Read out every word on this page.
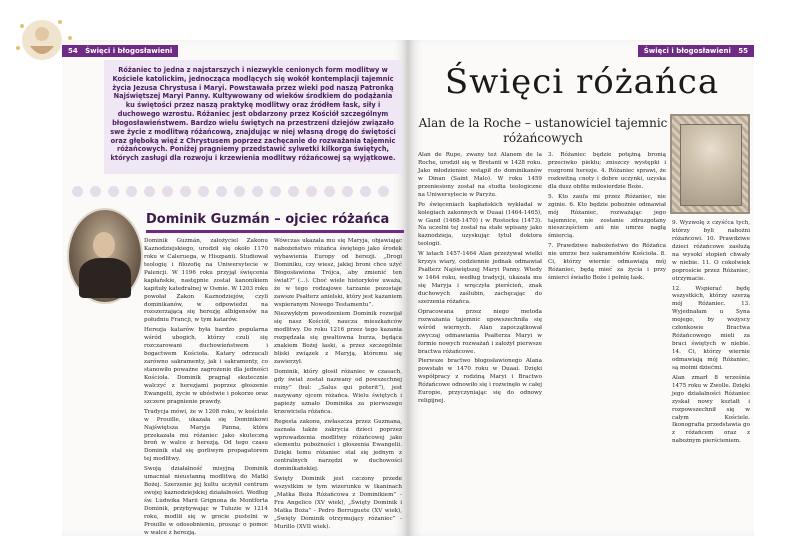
54 Święci i błogosławieni
Różaniec to jedna z najstarszych i niezwykle cenionych form modlitwy w Kościele katolickim, jednocząca modlących się wokół kontemplacji tajemnic życia Jezusa Chrystusa i Maryi. Powstawała przez wieki pod naszą Patronką Najświętszej Maryi Panny. Kultywowany od wieków środkiem do podążania ku świętości przez naszą praktykę modlitwy oraz źródłem łask, siły i duchowego wzrostu. Różaniec jest obdarzony przez Kościół szczególnym błogosławieństwem. Bardzo wielu świętych na przestrzeni dziejów związało swe życie z modlitwą różańcową, znajdując w niej własną drogę do świętości oraz głęboką więź z Chrystusem poprzez zachęcanie do rozważania tajemnic różańcowych. Poniżej pragniemy przedstawić sylwetki kilkorga świętych, których zasługi dla rozwoju i krzewienia modlitwy różańcowej są wyjątkowe.
Dominik Guzmán – ojciec różańca

Dominik Guzmán, założyciel Zakonu Kaznodziejskiego, urodził się około 1170 roku w Caleruega, w Hiszpanii. Studiował teologię i filozofię na Uniwersytecie w Palencji. W 1196 roku przyjął święcenia kapłańskie, następnie został kanonikiem kapituły katedralnej w Osmie. W 1203 roku powołał Zakon Kaznodziejów, czyli dominikanów, w odpowiedzi na rozszerzającą się herezję albigensów na południu Francji, w tym katarów.

Herezja katarów była bardzo popularna wśród ubogich, którzy czuli się rozczarowani duchowieństwem i bogactwem Kościoła. Katary odrzucali zarówno sakramenty, jak i sakramenty, co stanowiło poważne zagrożenie dla jedności Kościoła. Dominik pragnął skutecznie walczyć z herezjami poprzez głoszenie Ewangelii, życie w ubóstwie i pokorze oraz szczere pragnienie prawdy.

Tradycja mówi, że w 1208 roku, w kościele w Prouille, ukazała się Dominikowi Najświętsza Maryja Panna, która przekazała mu różaniec jako skuteczną broń w walce z herezją. Od tego czasu Dominik stał się gorliwym propagatorem tej modlitwy.

Swoją działalność misyjną Dominik umacniał nieustanną modlitwą do Matki Bożej. Szerzenie jej kultu uczynił centrum swojej kaznodziejskiej działalności. Według św. Ludwika Marii Grignona de Montforta Dominik, przybywając w Tuluzie w 1214 roku, modlił się w grocie pustelni w Prouille w odosobnieniu, prosząc o pomoc w walce z herezją.

Wówczas ukazała mu się Maryja, objawiając nabożeństwo różańca świętego jako środek wybawienia Europy od herezji. „Drogi Dominiku, czy wiesz, jakiej broni chce użyć Błogosławiona Trójca, aby zmienić ten świat?” (...). Choć wiele historyków uważa, że w tego rodzajowe tarzanie pozostaje zawsze Psałterz anielski, który jest kazaniem wspieranym Nowego Testamentu”.

Niezwykłym powodzeniem Dominik rozwijał się nasz Kościół, naucza mieszkańców modlitwy. Do roku 1216 przez tego kazania rozpędzała się gwałtowna burza, będąca znakiem Bożej łaski, a przez szczególnie bliski związek z Maryją, któremu się zawierzył.

Dominik, który głosił różaniec w czasach, gdy świat został nazwany od powszechnej ruiny” (bul: „Salus qui poterit”), jest nazywany ojcem różańca. Wielu świętych i papieży uznało Dominika za pierwszego krzewiciela różańca.

Regesta zakonu, zwłaszcza przez Guzmana, zaznała także zakrycia dzieci poprzez wprowadzenia modlitwy różańcowej jako elementu pobożności i głoszenia Ewangelii. Dzięki temu różaniec stał się jednym z centralnych narzędzi w duchowości dominikańskiej.

Święty Dominik jest czczony przede wszystkim w tym wizerunku w tkaninach „Matka Boża Różańcowa z Dominikiem” - Fra Angelico (XV wiek), „Święty Dominik i Matka Boża” - Pedro Berruguete (XV wiek), „Święty Dominik otrzymujący różaniec” - Murillo (XVII wiek).

Święci i błogosławieni 55
Święci różańca
Alan de la Roche – ustanowiciel tajemnic różańcowych

Alan de Rupe, zwany też Alanem de la Roche, urodził się w Bretanii w 1428 roku. Jako młodzieniec wstąpił do dominikanów w Dinan (Saint Malo). W roku 1459 przeniesiony został na studia teologiczne na Uniwersytecie w Paryżu.

Po święceniach kapłańskich wykładał w kolegiach zakonnych w Duaai (1464-1465), w Gand (1468-1470) i w Rostocku (1473). Na uczelni tej został na stałe wpisany jako kaznodzieja, uzyskując tytuł doktora teologii.

W latach 1457-1464 Alan przeżywał wielki kryzys wiary, codziennie jednak odmawiał Psałterz Najświętszej Maryi Panny. Wtedy w 1464 roku, według tradycji, ukazała mu się Maryja i wręczyła pierścień, znak duchowych zaślubin, zachęcając do szerzenia różańca.

Opracowana przez niego metoda rozważania tajemnic upowszechniła się wśród wiernych. Alan zapoczątkował zwyczaj odmawiania Psałterza Maryi w formie nowych rozważań i założył pierwsze bractwa różańcowe.

Pierwsze bractwo błogosławionego Alana powstało w 1470 roku w Duaai. Dzięki współpracy z rodziną Maryi i Bractwo Różańcowe odnowiło się i rozwinęło w całej Europie, przyczyniając się do odnowy religijnej.

3. Różaniec będzie potężną bronią przeciwko piekłu; zniszczy występki i rozgromi herezje. 4. Różaniec sprawi, że rozkwitną cnoty i dobre uczynki, uzyska dla dusz obfite miłosierdzie Boże.

5. Kto zaufa mi przez Różaniec, nie zginie. 6. Kto będzie pobożnie odmawiał mój Różaniec, rozważając jego tajemnice, nie zostanie zdruzgotany nieszczęściem ani nie umrze nagłą śmiercią.

7. Prawdziwe nabożeństwo do Różańca nie umrze bez sakramentów Kościoła. 8. Ci, którzy wiernie odmawiają mój Różaniec, będą mieć za życia i przy śmierci światło Boże i pełnię łask.

9. Wyzwolę z czyśćca tych, którzy byli nabożni różańcowi. 10. Prawdziwe dzieci różańcowe zasłużą na wysoki stopień chwały w niebie. 11. O cokolwiek poprosicie przez Różaniec, otrzymacie.

12. Wspierać będę wszystkich, którzy szerzą mój Różaniec. 13. Wyjednałam u Syna mojego, by wszyscy członkowie Bractwa Różańcowego mieli za braci świętych w niebie. 14. Ci, którzy wiernie odmawiają mój Różaniec, są moimi dziećmi.

Alan zmarł 8 września 1475 roku w Zwolle. Dzięki jego działalności Różaniec zyskał nowy kształt i rozpowszechnił się w całym Kościele. Ikonografia przedstawia go z różańcem oraz z nabożnym pierścieniem.
